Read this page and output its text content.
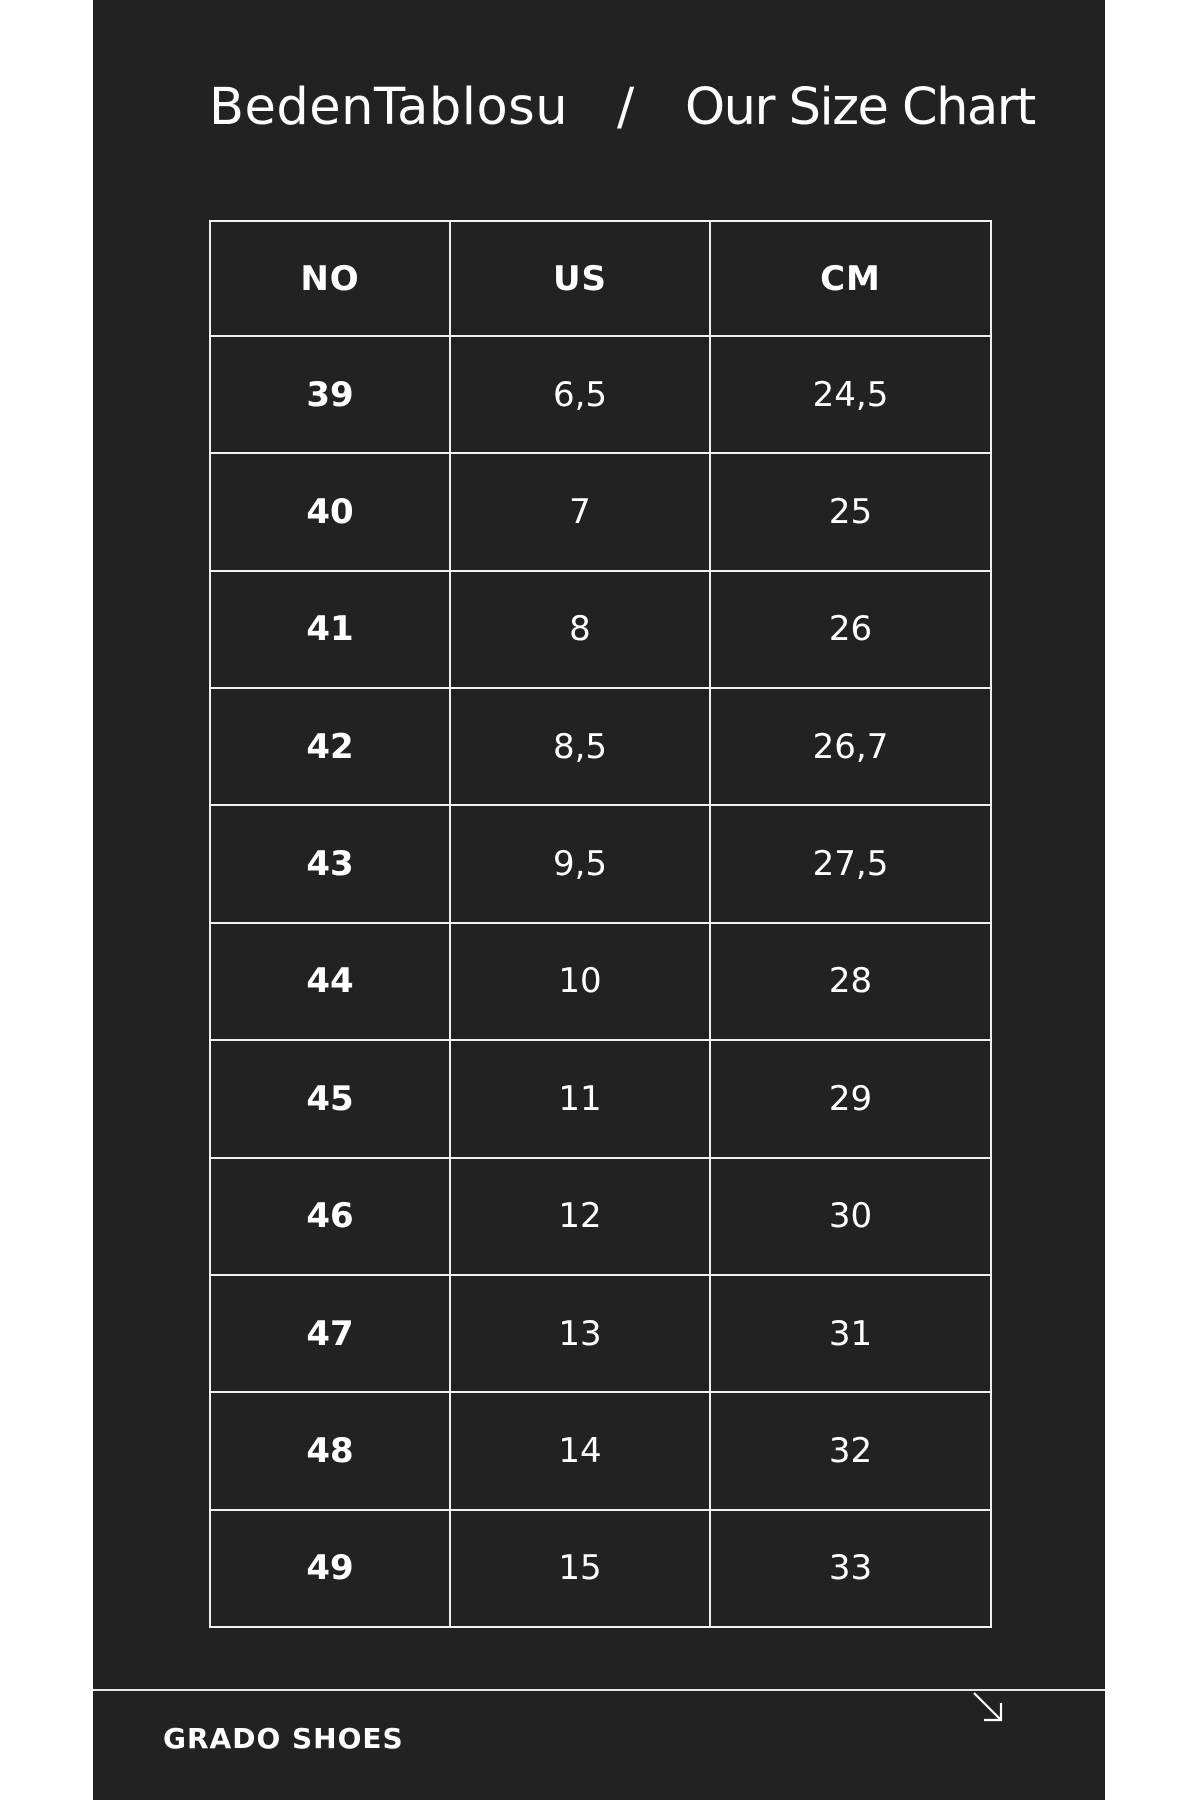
BedenTablosu / Our Size Chart
NO	US	CM
39	6,5	24,5
40	7	25
41	8	26
42	8,5	26,7
43	9,5	27,5
44	10	28
45	11	29
46	12	30
47	13	31
48	14	32
49	15	33
GRADO SHOES
